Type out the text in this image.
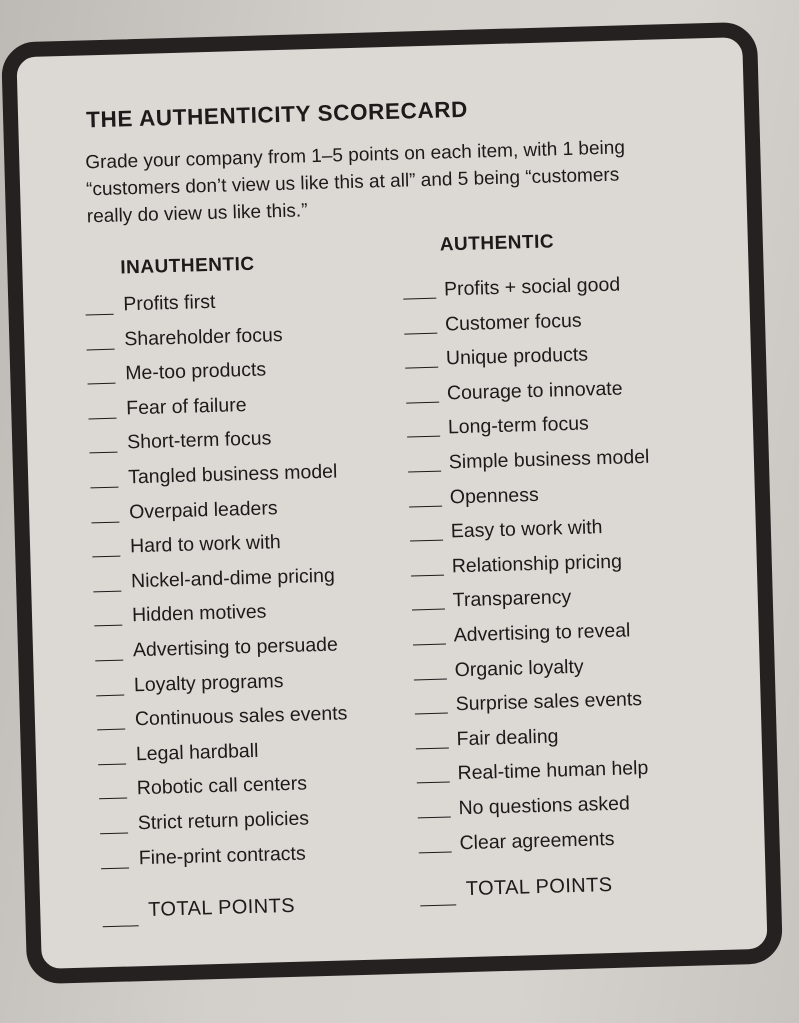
THE AUTHENTICITY SCORECARD
Grade your company from 1–5 points on each item, with 1 being “customers don’t view us like this at all” and 5 being “customers really do view us like this.”
INAUTHENTIC
AUTHENTIC
Profits first
Profits + social good
Shareholder focus
Customer focus
Me-too products
Unique products
Fear of failure
Courage to innovate
Short-term focus
Long-term focus
Tangled business model
Simple business model
Overpaid leaders
Openness
Hard to work with
Easy to work with
Nickel-and-dime pricing
Relationship pricing
Hidden motives
Transparency
Advertising to persuade
Advertising to reveal
Loyalty programs
Organic loyalty
Continuous sales events
Surprise sales events
Legal hardball
Fair dealing
Robotic call centers
Real-time human help
Strict return policies
No questions asked
Fine-print contracts
Clear agreements
TOTAL POINTS
TOTAL POINTS
